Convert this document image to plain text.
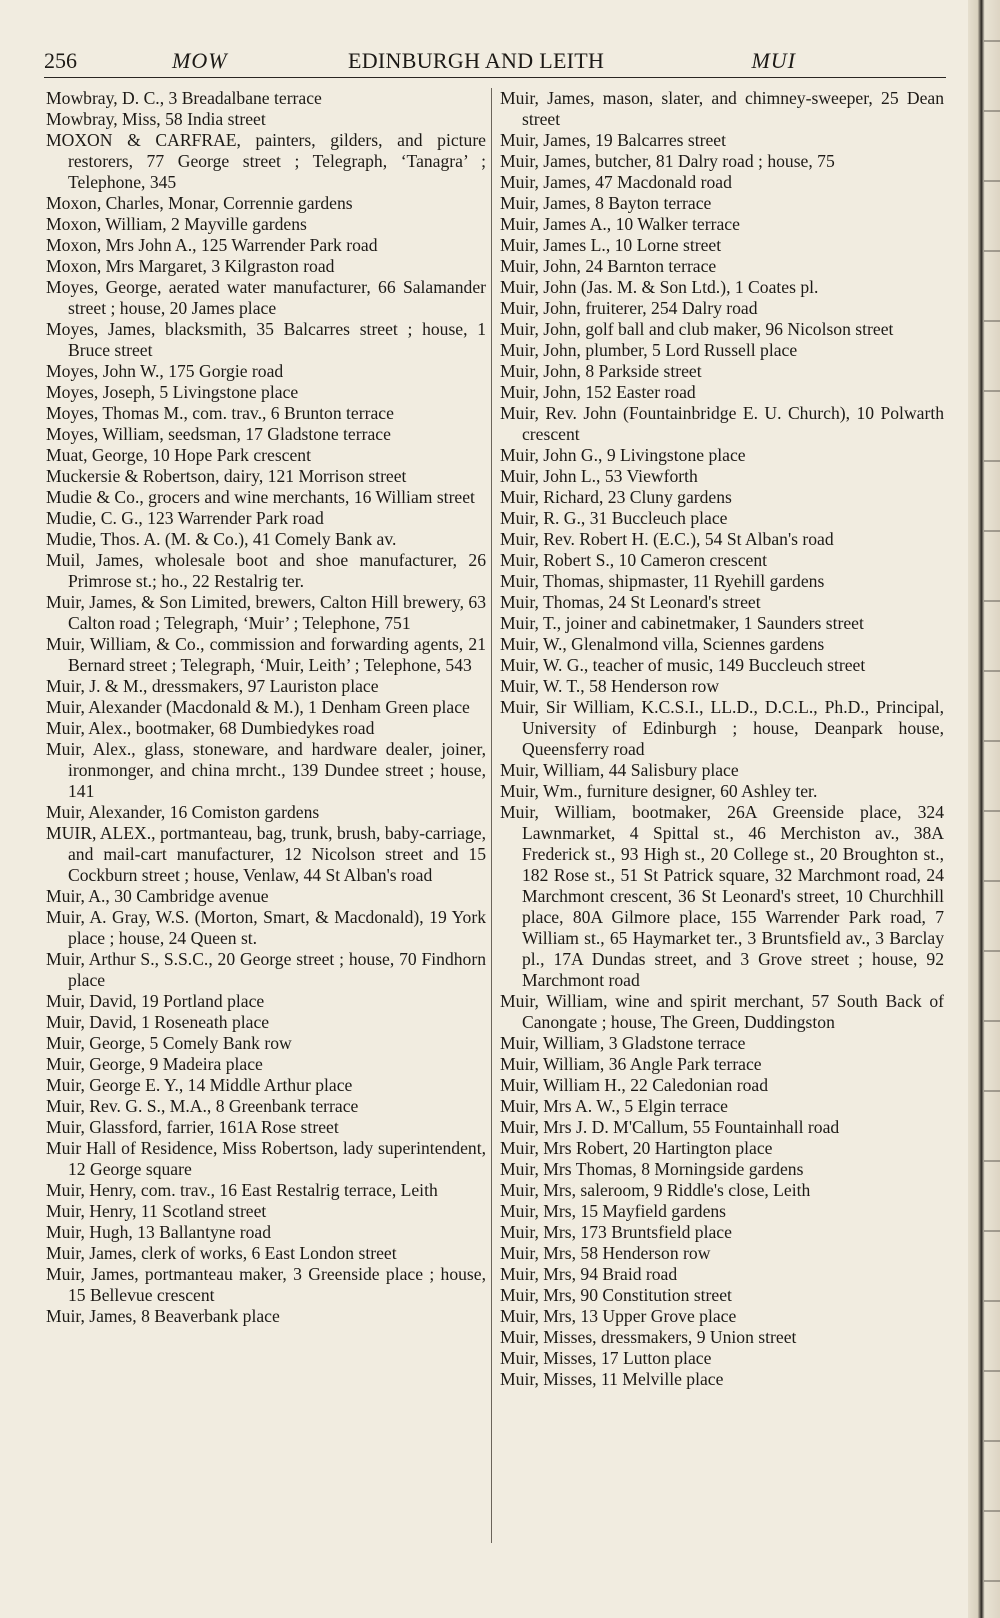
256	MOW	EDINBURGH AND LEITH	MUI

Mowbray, D. C., 3 Breadalbane terrace

Mowbray, Miss, 58 India street

MOXON & CARFRAE, painters, gilders, and picture restorers, 77 George street ; Telegraph, ‘Tanagra’ ; Telephone, 345

Moxon, Charles, Monar, Corrennie gardens

Moxon, William, 2 Mayville gardens

Moxon, Mrs John A., 125 Warrender Park road

Moxon, Mrs Margaret, 3 Kilgraston road

Moyes, George, aerated water manufacturer, 66 Salamander street ; house, 20 James place

Moyes, James, blacksmith, 35 Balcarres street ; house, 1 Bruce street

Moyes, John W., 175 Gorgie road

Moyes, Joseph, 5 Livingstone place

Moyes, Thomas M., com. trav., 6 Brunton terrace

Moyes, William, seedsman, 17 Gladstone terrace

Muat, George, 10 Hope Park crescent

Muckersie & Robertson, dairy, 121 Morrison street

Mudie & Co., grocers and wine merchants, 16 William street

Mudie, C. G., 123 Warrender Park road

Mudie, Thos. A. (M. & Co.), 41 Comely Bank av.

Muil, James, wholesale boot and shoe manufacturer, 26 Primrose st.; ho., 22 Restalrig ter.

Muir, James, & Son Limited, brewers, Calton Hill brewery, 63 Calton road ; Telegraph, ‘Muir’ ; Telephone, 751

Muir, William, & Co., commission and forwarding agents, 21 Bernard street ; Telegraph, ‘Muir, Leith’ ; Telephone, 543

Muir, J. & M., dressmakers, 97 Lauriston place

Muir, Alexander (Macdonald & M.), 1 Denham Green place

Muir, Alex., bootmaker, 68 Dumbiedykes road

Muir, Alex., glass, stoneware, and hardware dealer, joiner, ironmonger, and china mrcht., 139 Dundee street ; house, 141

Muir, Alexander, 16 Comiston gardens

MUIR, ALEX., portmanteau, bag, trunk, brush, baby-carriage, and mail-cart manufacturer, 12 Nicolson street and 15 Cockburn street ; house, Venlaw, 44 St Alban's road

Muir, A., 30 Cambridge avenue

Muir, A. Gray, W.S. (Morton, Smart, & Macdonald), 19 York place ; house, 24 Queen st.

Muir, Arthur S., S.S.C., 20 George street ; house, 70 Findhorn place

Muir, David, 19 Portland place

Muir, David, 1 Roseneath place

Muir, George, 5 Comely Bank row

Muir, George, 9 Madeira place

Muir, George E. Y., 14 Middle Arthur place

Muir, Rev. G. S., M.A., 8 Greenbank terrace

Muir, Glassford, farrier, 161A Rose street

Muir Hall of Residence, Miss Robertson, lady superintendent, 12 George square

Muir, Henry, com. trav., 16 East Restalrig terrace, Leith

Muir, Henry, 11 Scotland street

Muir, Hugh, 13 Ballantyne road

Muir, James, clerk of works, 6 East London street

Muir, James, portmanteau maker, 3 Greenside place ; house, 15 Bellevue crescent

Muir, James, 8 Beaverbank place

Muir, James, mason, slater, and chimney-sweeper, 25 Dean street

Muir, James, 19 Balcarres street

Muir, James, butcher, 81 Dalry road ; house, 75

Muir, James, 47 Macdonald road

Muir, James, 8 Bayton terrace

Muir, James A., 10 Walker terrace

Muir, James L., 10 Lorne street

Muir, John, 24 Barnton terrace

Muir, John (Jas. M. & Son Ltd.), 1 Coates pl.

Muir, John, fruiterer, 254 Dalry road

Muir, John, golf ball and club maker, 96 Nicolson street

Muir, John, plumber, 5 Lord Russell place

Muir, John, 8 Parkside street

Muir, John, 152 Easter road

Muir, Rev. John (Fountainbridge E. U. Church), 10 Polwarth crescent

Muir, John G., 9 Livingstone place

Muir, John L., 53 Viewforth

Muir, Richard, 23 Cluny gardens

Muir, R. G., 31 Buccleuch place

Muir, Rev. Robert H. (E.C.), 54 St Alban's road

Muir, Robert S., 10 Cameron crescent

Muir, Thomas, shipmaster, 11 Ryehill gardens

Muir, Thomas, 24 St Leonard's street

Muir, T., joiner and cabinetmaker, 1 Saunders street

Muir, W., Glenalmond villa, Sciennes gardens

Muir, W. G., teacher of music, 149 Buccleuch street

Muir, W. T., 58 Henderson row

Muir, Sir William, K.C.S.I., LL.D., D.C.L., Ph.D., Principal, University of Edinburgh ; house, Deanpark house, Queensferry road

Muir, William, 44 Salisbury place

Muir, Wm., furniture designer, 60 Ashley ter.

Muir, William, bootmaker, 26A Greenside place, 324 Lawnmarket, 4 Spittal st., 46 Merchiston av., 38A Frederick st., 93 High st., 20 College st., 20 Broughton st., 182 Rose st., 51 St Patrick square, 32 Marchmont road, 24 Marchmont crescent, 36 St Leonard's street, 10 Churchhill place, 80A Gilmore place, 155 Warrender Park road, 7 William st., 65 Haymarket ter., 3 Bruntsfield av., 3 Barclay pl., 17A Dundas street, and 3 Grove street ; house, 92 Marchmont road

Muir, William, wine and spirit merchant, 57 South Back of Canongate ; house, The Green, Duddingston

Muir, William, 3 Gladstone terrace

Muir, William, 36 Angle Park terrace

Muir, William H., 22 Caledonian road

Muir, Mrs A. W., 5 Elgin terrace

Muir, Mrs J. D. M'Callum, 55 Fountainhall road

Muir, Mrs Robert, 20 Hartington place

Muir, Mrs Thomas, 8 Morningside gardens

Muir, Mrs, saleroom, 9 Riddle's close, Leith

Muir, Mrs, 15 Mayfield gardens

Muir, Mrs, 173 Bruntsfield place

Muir, Mrs, 58 Henderson row

Muir, Mrs, 94 Braid road

Muir, Mrs, 90 Constitution street

Muir, Mrs, 13 Upper Grove place

Muir, Misses, dressmakers, 9 Union street

Muir, Misses, 17 Lutton place

Muir, Misses, 11 Melville place
